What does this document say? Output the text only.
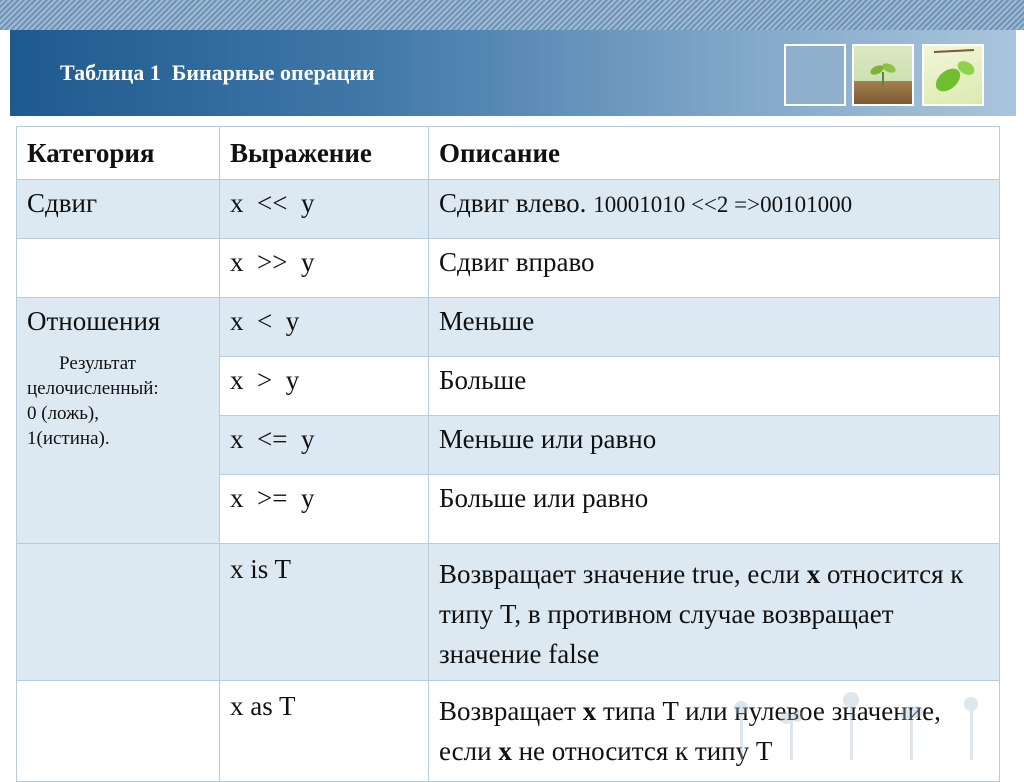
Таблица 1  Бинарные операции
Категория	Выражение	Описание
Сдвиг	x  <<  y	Сдвиг влево. 10001010 <<2 =>00101000
	x  >>  y	Сдвиг вправо
Отношения
Результат
целочисленный:
0 (ложь),
1(истина).	x  <  y	Меньше
	x  >  y	Больше
	x  <=  y	Меньше или равно
	x  >=  y	Больше или равно
	x is T	Возвращает значение true, если x относится к типу T, в противном случае возвращает значение false
	x as T	Возвращает x типа T или нулевое значение, если x не относится к типу T
